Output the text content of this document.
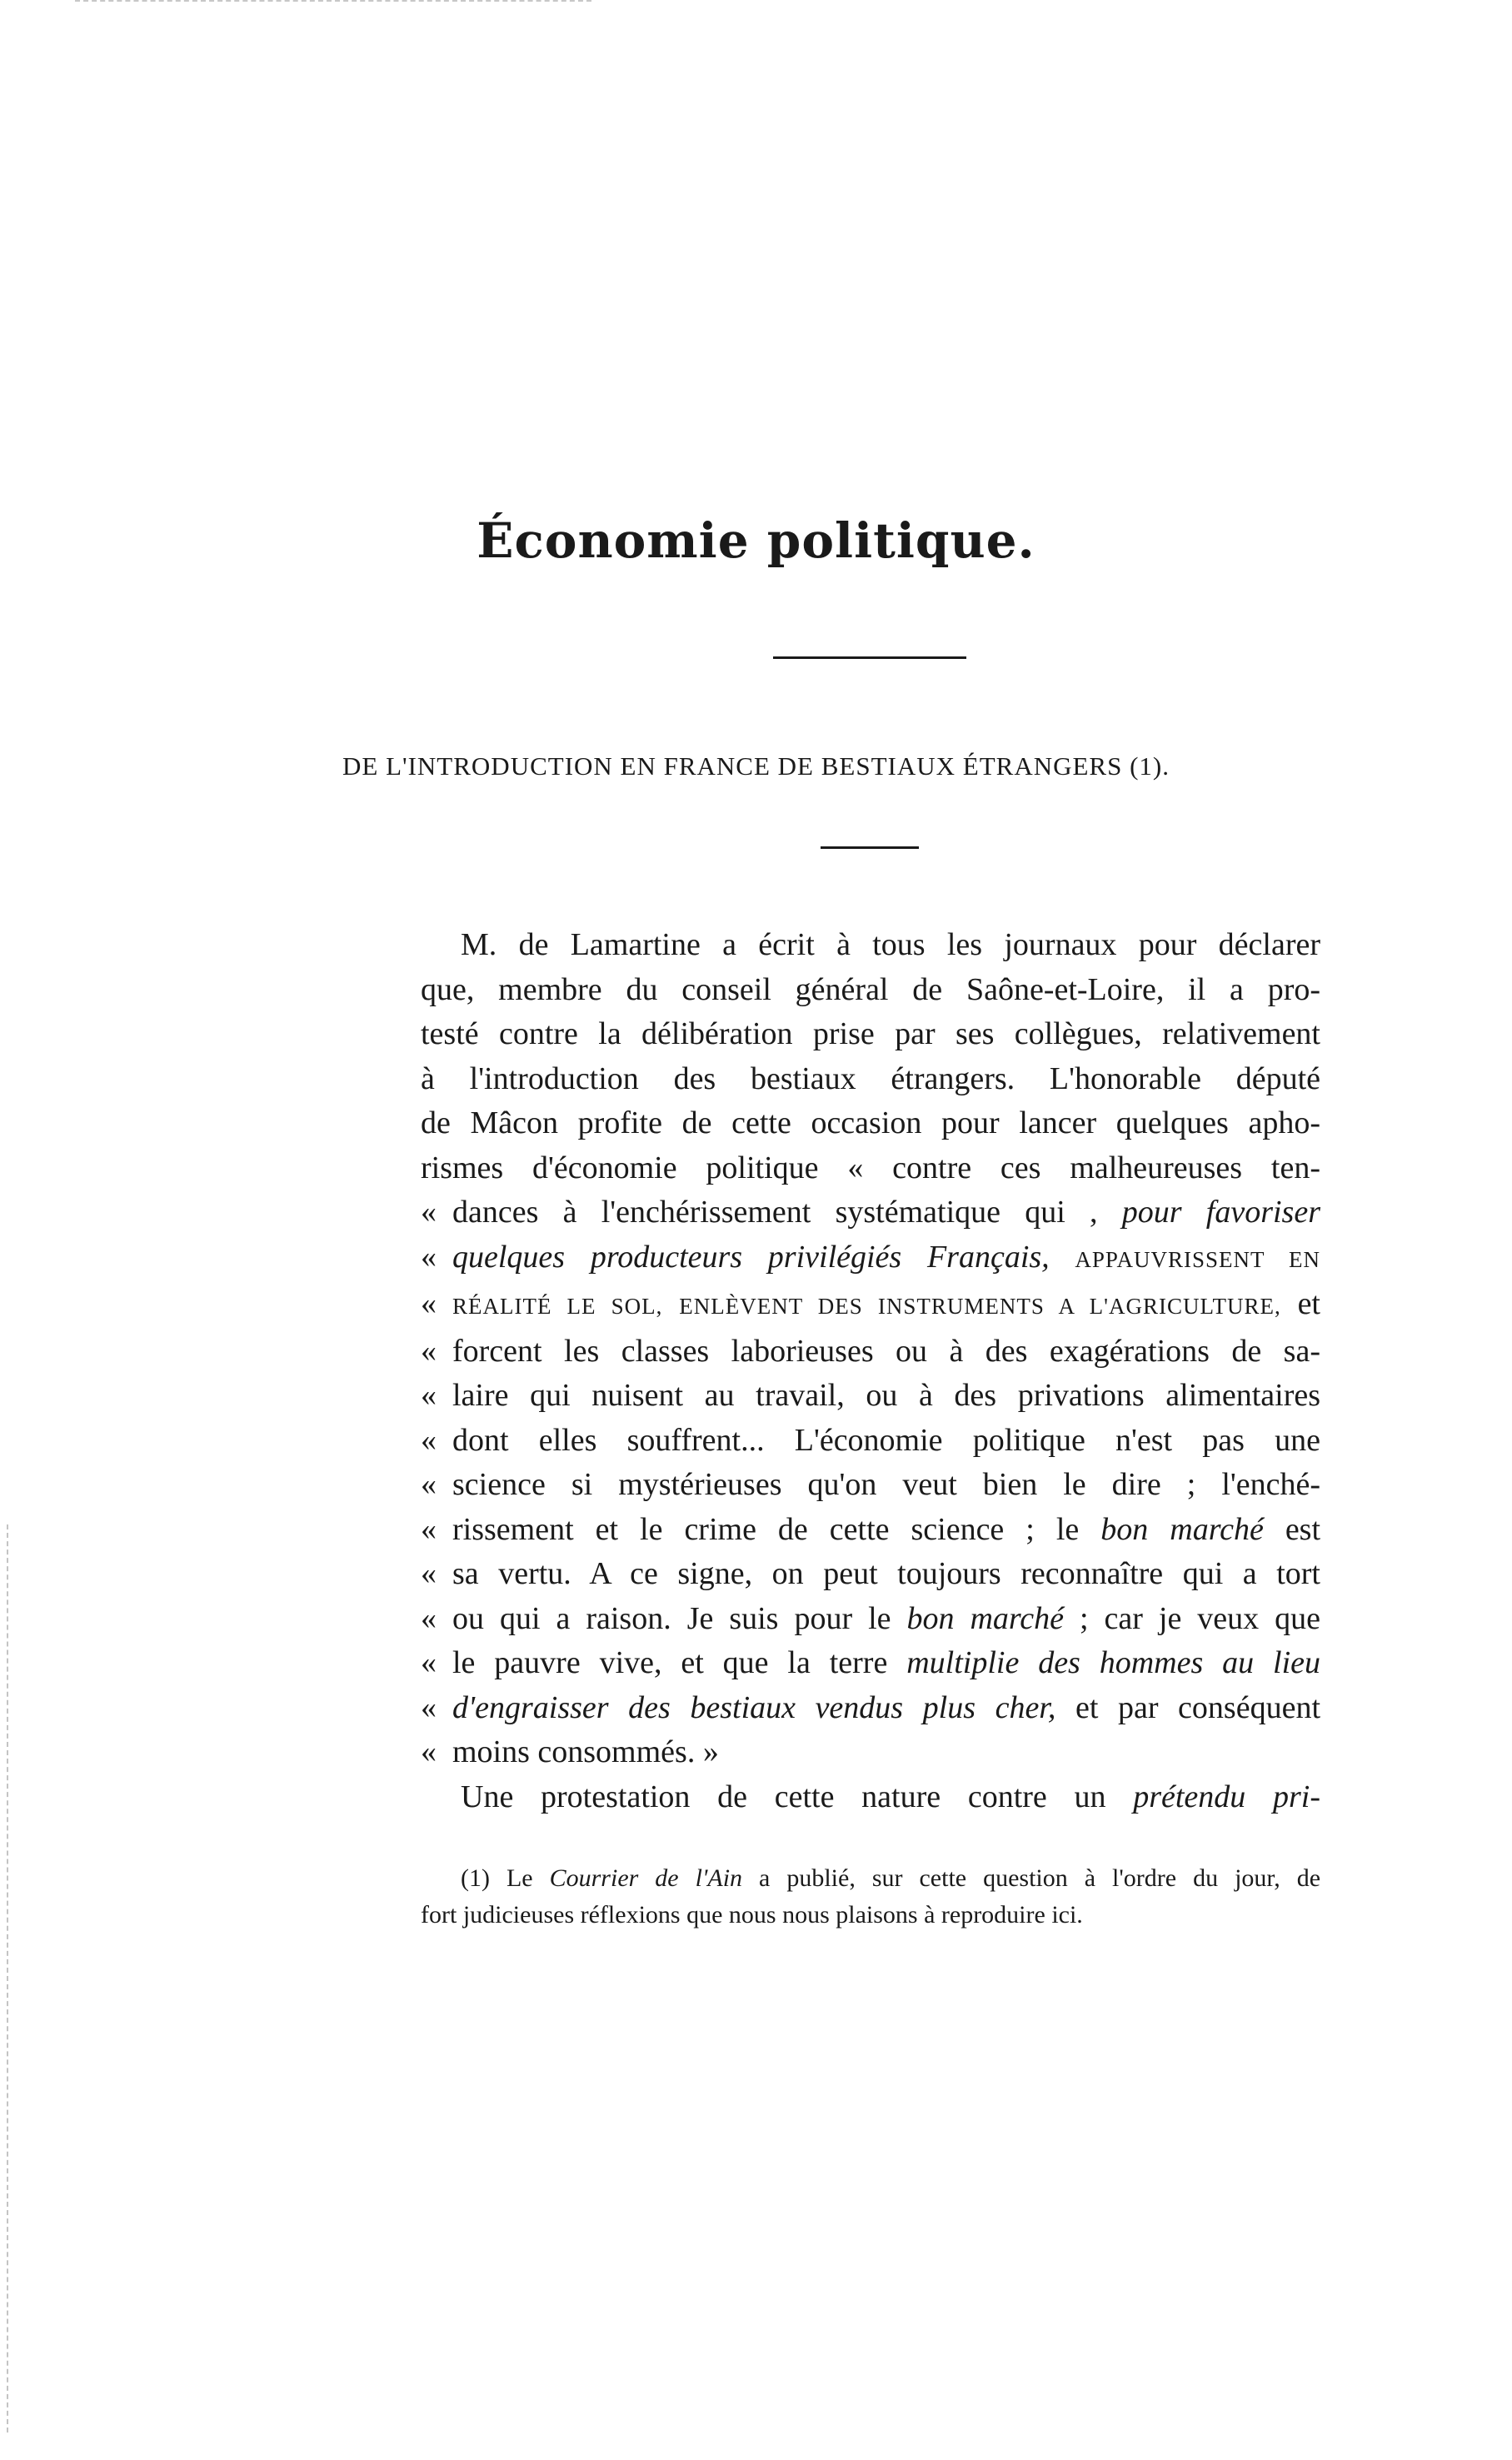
Économie politique.
DE L'INTRODUCTION EN FRANCE DE BESTIAUX ÉTRANGERS (1).
M. de Lamartine a écrit à tous les journaux pour déclarer
que, membre du conseil général de Saône-et-Loire, il a pro-
testé contre la délibération prise par ses collègues, relativement
à l'introduction des bestiaux étrangers. L'honorable député
de Mâcon profite de cette occasion pour lancer quelques apho-
rismes d'économie politique « contre ces malheureuses ten-
« dances à l'enchérissement systématique qui , pour favoriser
« quelques producteurs privilégiés Français, APPAUVRISSENT EN
« RÉALITÉ LE SOL, ENLÈVENT DES INSTRUMENTS A L'AGRICULTURE, et
« forcent les classes laborieuses ou à des exagérations de sa-
« laire qui nuisent au travail, ou à des privations alimentaires
« dont elles souffrent... L'économie politique n'est pas une
« science si mystérieuses qu'on veut bien le dire ; l'enché-
« rissement et le crime de cette science ; le bon marché est
« sa vertu. A ce signe, on peut toujours reconnaître qui a tort
« ou qui a raison. Je suis pour le bon marché ; car je veux que
« le pauvre vive, et que la terre multiplie des hommes au lieu
« d'engraisser des bestiaux vendus plus cher, et par conséquent
« moins consommés. »
Une protestation de cette nature contre un prétendu pri-
(1) Le Courrier de l'Ain a publié, sur cette question à l'ordre du jour, de
fort judicieuses réflexions que nous nous plaisons à reproduire ici.
